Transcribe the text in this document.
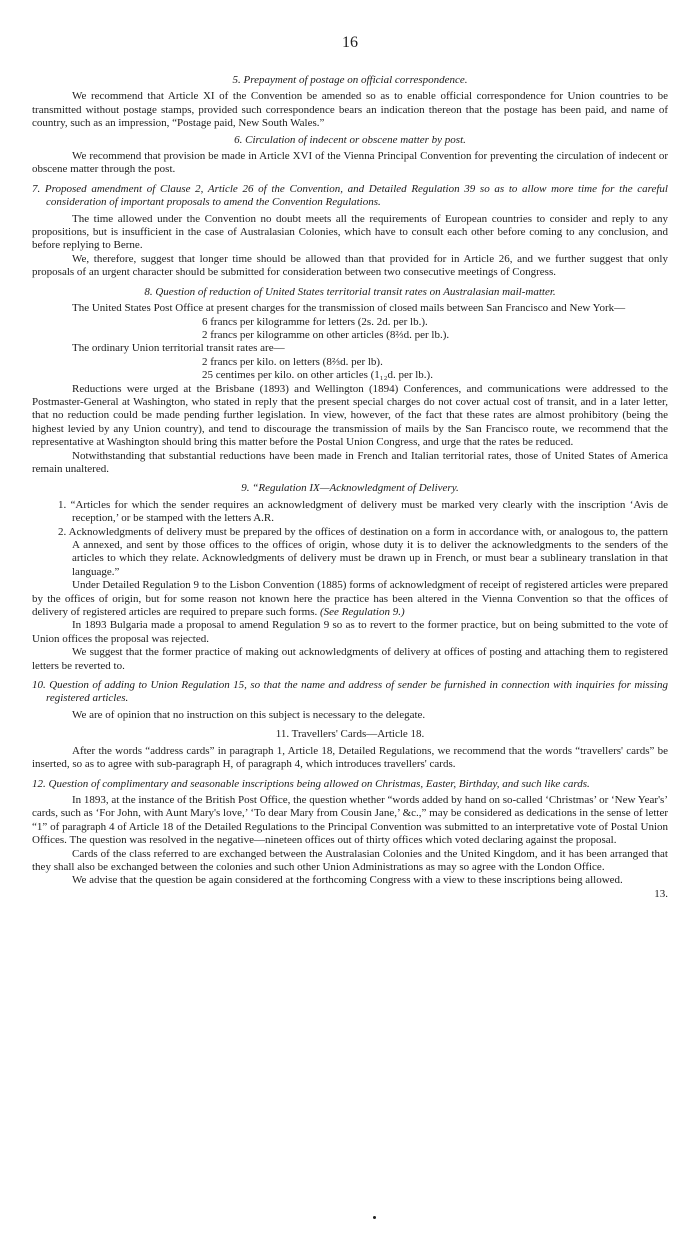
16

5. Prepayment of postage on official correspondence.

We recommend that Article XI of the Convention be amended so as to enable official correspondence for Union countries to be transmitted without postage stamps, provided such correspondence bears an indication thereon that the postage has been paid, and name of country, such as an impression, “Postage paid, New South Wales.”

6. Circulation of indecent or obscene matter by post.

We recommend that provision be made in Article XVI of the Vienna Principal Convention for preventing the circulation of indecent or obscene matter through the post.

7. Proposed amendment of Clause 2, Article 26 of the Convention, and Detailed Regulation 39 so as to allow more time for the careful consideration of important proposals to amend the Convention Regulations.

The time allowed under the Convention no doubt meets all the requirements of European countries to consider and reply to any propositions, but is insufficient in the case of Australasian Colonies, which have to consult each other before coming to any conclusion, and before replying to Berne.

We, therefore, suggest that longer time should be allowed than that provided for in Article 26, and we further suggest that only proposals of an urgent character should be submitted for consideration between two consecutive meetings of Congress.

8. Question of reduction of United States territorial transit rates on Australasian mail-matter.

The United States Post Office at present charges for the transmission of closed mails between San Francisco and New York—

6 francs per kilogramme for letters (2s. 2d. per lb.).

2 francs per kilogramme on other articles (8⅔d. per lb.).

The ordinary Union territorial transit rates are—

2 francs per kilo. on letters (8⅔d. per lb).

25 centimes per kilo. on other articles (1₁₂d. per lb.).

Reductions were urged at the Brisbane (1893) and Wellington (1894) Conferences, and communications were addressed to the Postmaster-General at Washington, who stated in reply that the present special charges do not cover actual cost of transit, and in a later letter, that no reduction could be made pending further legislation. In view, however, of the fact that these rates are almost prohibitory (being the highest levied by any Union country), and tend to discourage the transmission of mails by the San Francisco route, we recommend that the representative at Washington should bring this matter before the Postal Union Congress, and urge that the rates be reduced.

Notwithstanding that substantial reductions have been made in French and Italian territorial rates, those of United States of America remain unaltered.

9. “Regulation IX—Acknowledgment of Delivery.

1. “Articles for which the sender requires an acknowledgment of delivery must be marked very clearly with the inscription ‘Avis de reception,’ or be stamped with the letters A.R.

2. Acknowledgments of delivery must be prepared by the offices of destination on a form in accordance with, or analogous to, the pattern A annexed, and sent by those offices to the offices of origin, whose duty it is to deliver the acknowledgments to the senders of the articles to which they relate. Acknowledgments of delivery must be drawn up in French, or must bear a sublineary translation in that language.”

Under Detailed Regulation 9 to the Lisbon Convention (1885) forms of acknowledgment of receipt of registered articles were prepared by the offices of origin, but for some reason not known here the practice has been altered in the Vienna Convention so that the offices of delivery of registered articles are required to prepare such forms. (See Regulation 9.)

In 1893 Bulgaria made a proposal to amend Regulation 9 so as to revert to the former practice, but on being submitted to the vote of Union offices the proposal was rejected.

We suggest that the former practice of making out acknowledgments of delivery at offices of posting and attaching them to registered letters be reverted to.

10. Question of adding to Union Regulation 15, so that the name and address of sender be furnished in connection with inquiries for missing registered articles.

We are of opinion that no instruction on this subject is necessary to the delegate.

11. Travellers' Cards—Article 18.

After the words “address cards” in paragraph 1, Article 18, Detailed Regulations, we recommend that the words “travellers' cards” be inserted, so as to agree with sub-paragraph H, of paragraph 4, which introduces travellers' cards.

12. Question of complimentary and seasonable inscriptions being allowed on Christmas, Easter, Birthday, and such like cards.

In 1893, at the instance of the British Post Office, the question whether “words added by hand on so-called ‘Christmas’ or ‘New Year's’ cards, such as ‘For John, with Aunt Mary's love,’ ‘To dear Mary from Cousin Jane,’ &c.,” may be considered as dedications in the sense of letter “1” of paragraph 4 of Article 18 of the Detailed Regulations to the Principal Convention was submitted to an interpretative vote of Postal Union Offices. The question was resolved in the negative—nineteen offices out of thirty offices which voted declaring against the proposal.

Cards of the class referred to are exchanged between the Australasian Colonies and the United Kingdom, and it has been arranged that they shall also be exchanged between the colonies and such other Union Administrations as may so agree with the London Office.

We advise that the question be again considered at the forthcoming Congress with a view to these inscriptions being allowed.

13.
